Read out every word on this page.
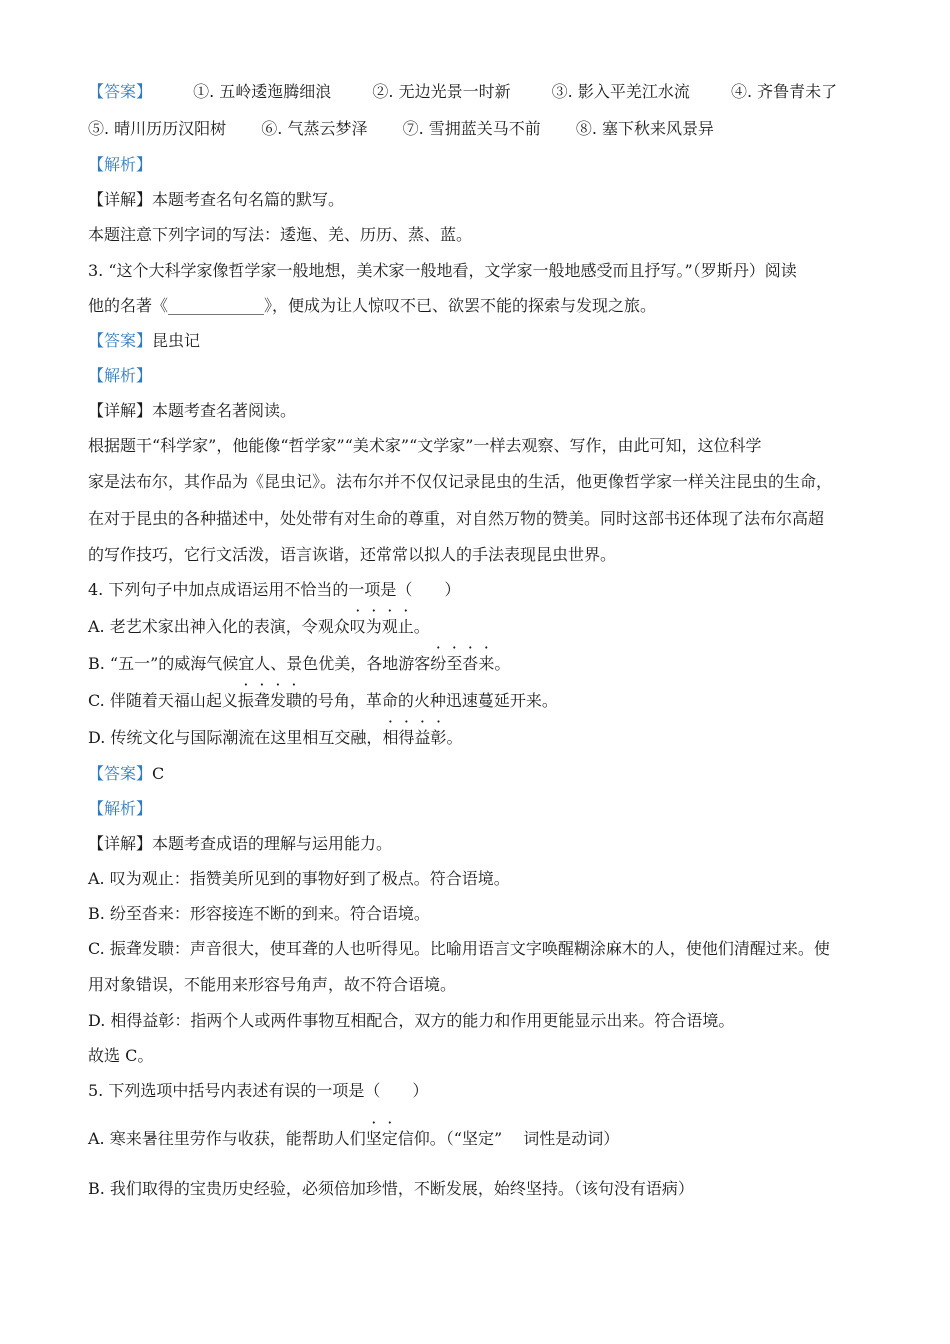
【答案】	①. 五岭逶迤腾细浪	②. 无边光景一时新	③. 影入平羌江水流	④. 齐鲁青未了
⑤. 晴川历历汉阳树 ⑥. 气蒸云梦泽 ⑦. 雪拥蓝关马不前 ⑧. 塞下秋来风景异
【解析】
【详解】本题考查名句名篇的默写。
本题注意下列字词的写法：逶迤、羌、历历、蒸、蓝。
3. “这个大科学家像哲学家一般地想，美术家一般地看，文学家一般地感受而且抒写。”（罗斯丹）阅读
他的名著《____________》，便成为让人惊叹不已、欲罢不能的探索与发现之旅。
【答案】昆虫记
【解析】
【详解】本题考查名著阅读。
根据题干“科学家”，他能像“哲学家”“美术家”“文学家”一样去观察、写作，由此可知，这位科学
家是法布尔，其作品为《昆虫记》。法布尔并不仅仅记录昆虫的生活，他更像哲学家一样关注昆虫的生命，
在对于昆虫的各种描述中，处处带有对生命的尊重，对自然万物的赞美。同时这部书还体现了法布尔高超
的写作技巧，它行文活泼，语言诙谐，还常常以拟人的手法表现昆虫世界。
4. 下列句子中加点成语运用不恰当的一项是（　　）
A. 老艺术家出神入化的表演，令观众叹为观止。
B. “五一”的威海气候宜人、景色优美，各地游客纷至沓来。
C. 伴随着天福山起义振聋发聩的号角，革命的火种迅速蔓延开来。
D. 传统文化与国际潮流在这里相互交融，相得益彰。
【答案】C
【解析】
【详解】本题考查成语的理解与运用能力。
A. 叹为观止：指赞美所见到的事物好到了极点。符合语境。
B. 纷至沓来：形容接连不断的到来。符合语境。
C. 振聋发聩：声音很大，使耳聋的人也听得见。比喻用语言文字唤醒糊涂麻木的人，使他们清醒过来。使
用对象错误，不能用来形容号角声，故不符合语境。
D. 相得益彰：指两个人或两件事物互相配合，双方的能力和作用更能显示出来。符合语境。
故选 C。
5. 下列选项中括号内表述有误的一项是（　　）
A. 寒来暑往里劳作与收获，能帮助人们坚定信仰。（“坚定”　 词性是动词）
B. 我们取得的宝贵历史经验，必须倍加珍惜，不断发展，始终坚持。（该句没有语病）
